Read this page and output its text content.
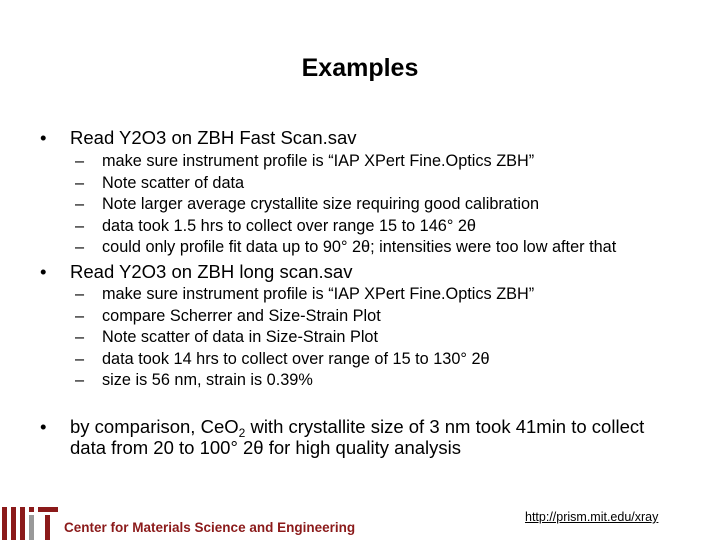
Examples
• Read Y2O3 on ZBH Fast Scan.sav
– make sure instrument profile is “IAP XPert Fine.Optics ZBH”
– Note scatter of data
– Note larger average crystallite size requiring good calibration
– data took 1.5 hrs to collect over range 15 to 146° 2θ
– could only profile fit data up to 90° 2θ; intensities were too low after that
• Read Y2O3 on ZBH long scan.sav
– make sure instrument profile is “IAP XPert Fine.Optics ZBH”
– compare Scherrer and Size-Strain Plot
– Note scatter of data in Size-Strain Plot
– data took 14 hrs to collect over range of 15 to 130° 2θ
– size is 56 nm, strain is 0.39%
• by comparison, CeO$_2$ with crystallite size of 3 nm took 41min to collect data from 20 to 100° 2θ for high quality analysis
Center for Materials Science and Engineering
http://prism.mit.edu/xray
